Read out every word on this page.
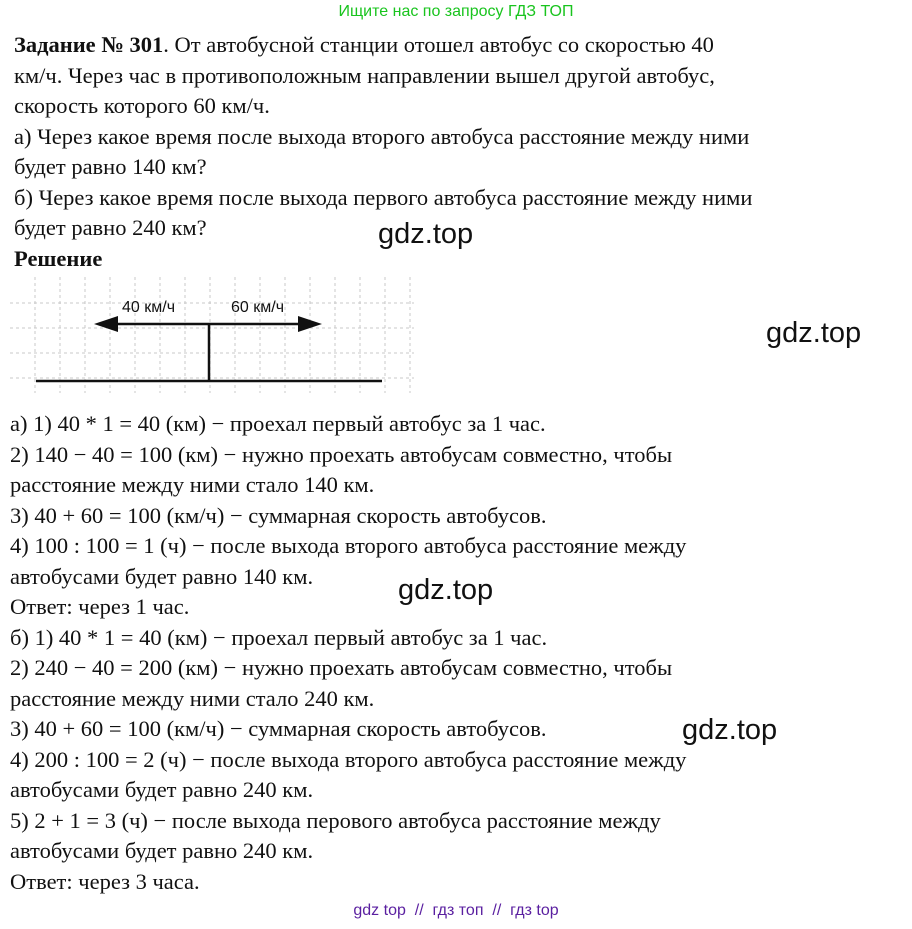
Ищите нас по запросу ГДЗ ТОП

Задание № 301. От автобусной станции отошел автобус со скоростью 40

км/ч. Через час в противоположным направлении вышел другой автобус,

скорость которого 60 км/ч.

а) Через какое время после выхода второго автобуса расстояние между ними

будет равно 140 км?

б) Через какое время после выхода первого автобуса расстояние между ними

будет равно 240 км?

Решение

40 км/ч	60 км/ч

а) 1) 40 * 1 = 40 (км) − проехал первый автобус за 1 час.

2) 140 − 40 = 100 (км) − нужно проехать автобусам совместно, чтобы

расстояние между ними стало 140 км.

3) 40 + 60 = 100 (км/ч) − суммарная скорость автобусов.

4) 100 : 100 = 1 (ч) − после выхода второго автобуса расстояние между

автобусами будет равно 140 км.

Ответ: через 1 час.

б) 1) 40 * 1 = 40 (км) − проехал первый автобус за 1 час.

2) 240 − 40 = 200 (км) − нужно проехать автобусам совместно, чтобы

расстояние между ними стало 240 км.

3) 40 + 60 = 100 (км/ч) − суммарная скорость автобусов.

4) 200 : 100 = 2 (ч) − после выхода второго автобуса расстояние между

автобусами будет равно 240 км.

5) 2 + 1 = 3 (ч) − после выхода перового автобуса расстояние между

автобусами будет равно 240 км.

Ответ: через 3 часа.

gdz.top
gdz.top
gdz.top
gdz.top
gdz top  //  гдз топ  //  гдз top
